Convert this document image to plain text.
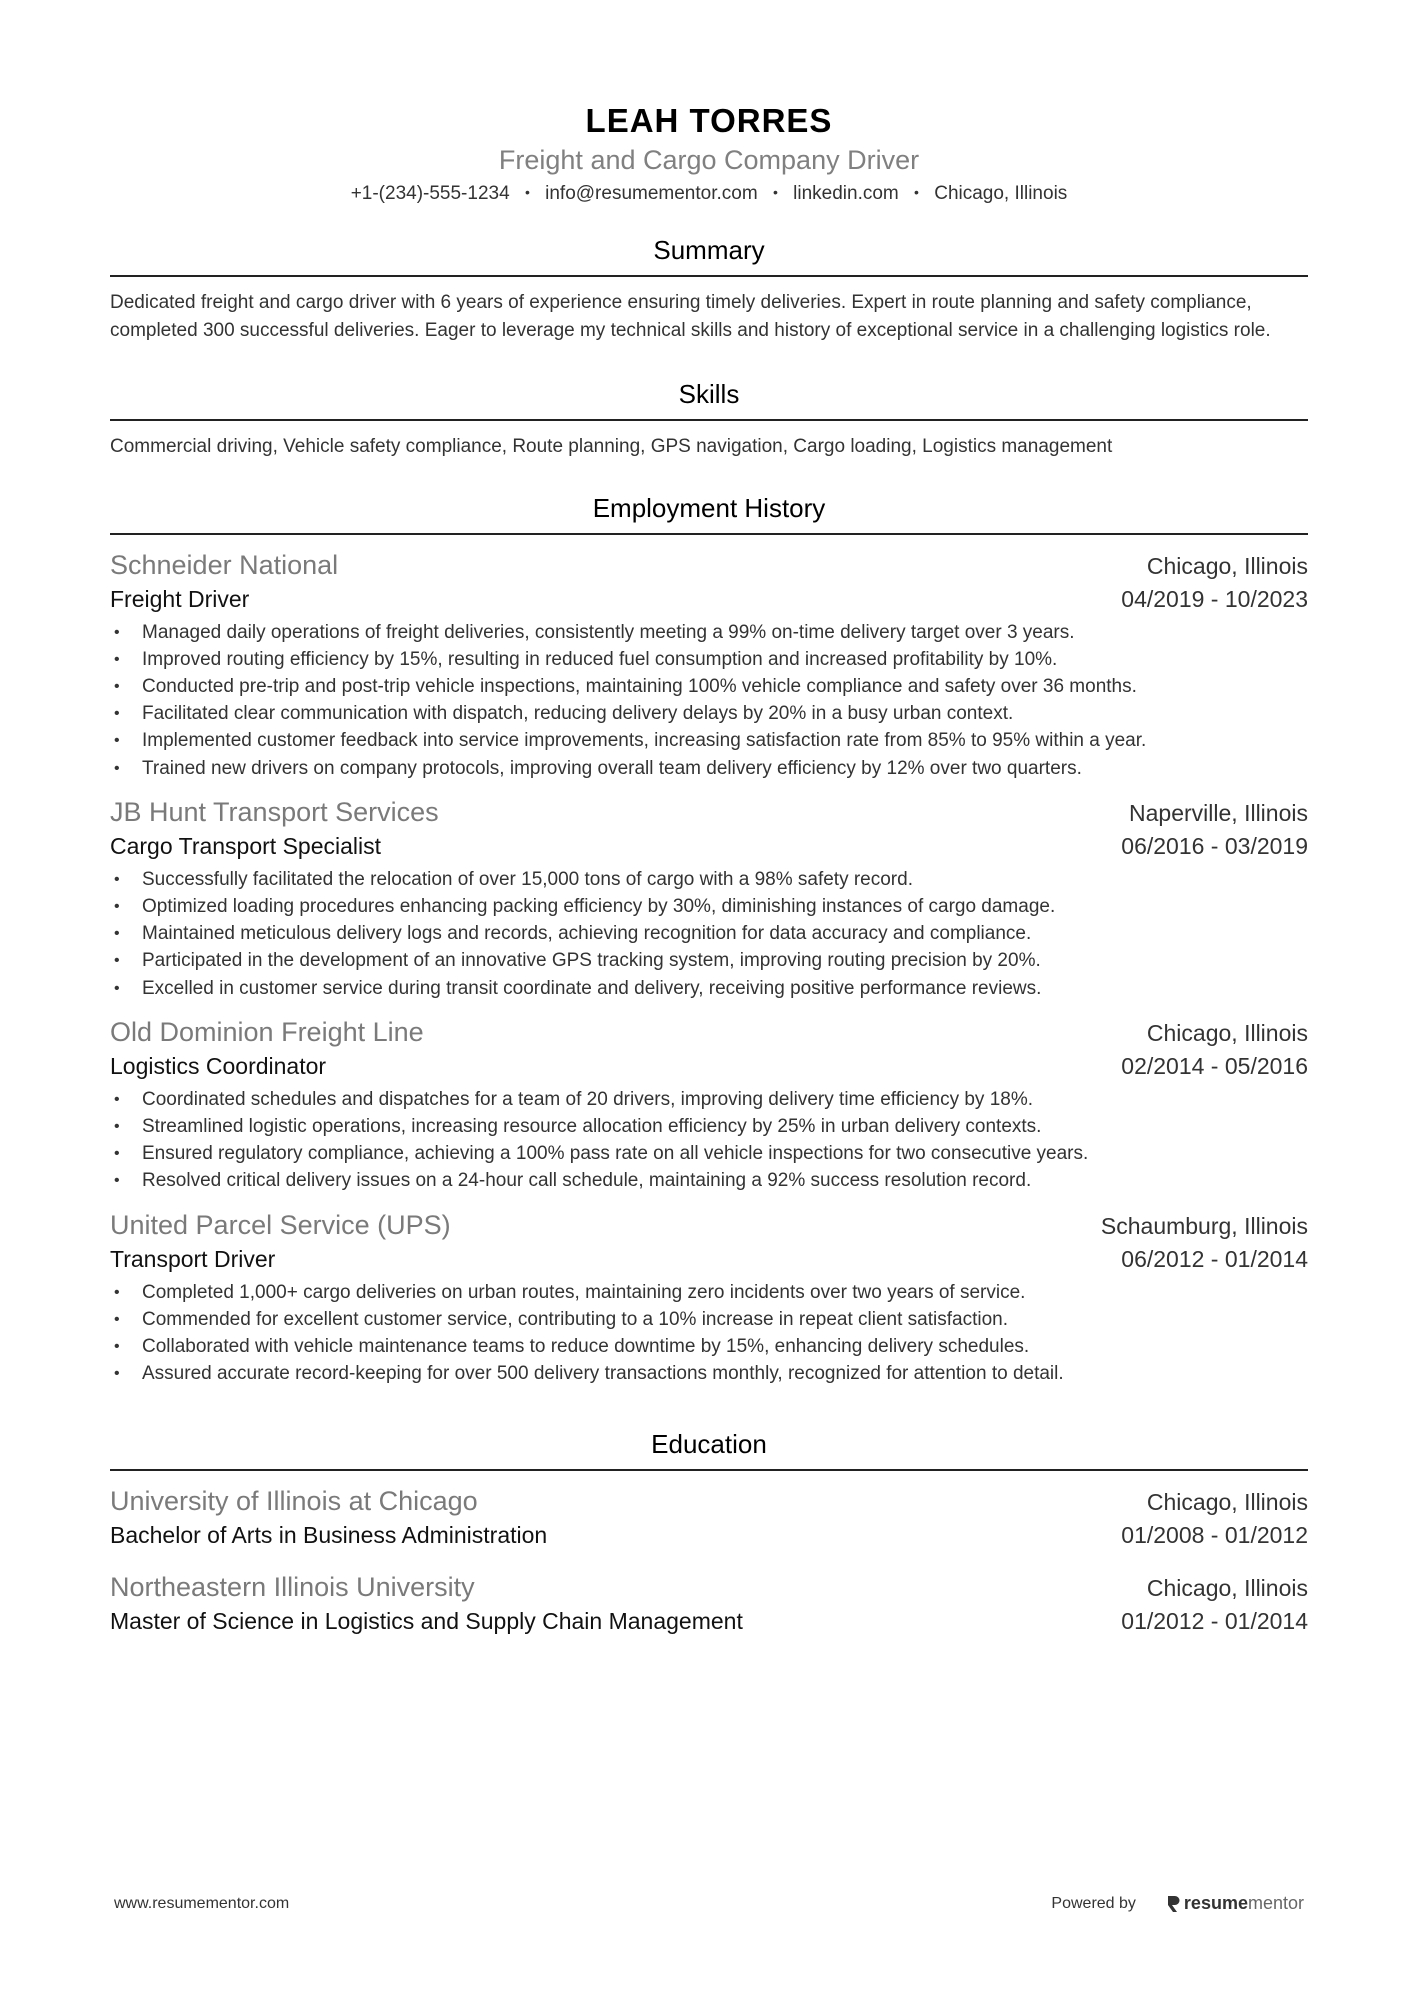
LEAH TORRES
Freight and Cargo Company Driver
+1-(234)-555-1234 • info@resumementor.com • linkedin.com • Chicago, Illinois
Summary
Dedicated freight and cargo driver with 6 years of experience ensuring timely deliveries. Expert in route planning and safety compliance, completed 300 successful deliveries. Eager to leverage my technical skills and history of exceptional service in a challenging logistics role.
Skills
Commercial driving, Vehicle safety compliance, Route planning, GPS navigation, Cargo loading, Logistics management
Employment History
Schneider National	Chicago, Illinois
Freight Driver	04/2019 - 10/2023
• Managed daily operations of freight deliveries, consistently meeting a 99% on-time delivery target over 3 years.
• Improved routing efficiency by 15%, resulting in reduced fuel consumption and increased profitability by 10%.
• Conducted pre-trip and post-trip vehicle inspections, maintaining 100% vehicle compliance and safety over 36 months.
• Facilitated clear communication with dispatch, reducing delivery delays by 20% in a busy urban context.
• Implemented customer feedback into service improvements, increasing satisfaction rate from 85% to 95% within a year.
• Trained new drivers on company protocols, improving overall team delivery efficiency by 12% over two quarters.
JB Hunt Transport Services	Naperville, Illinois
Cargo Transport Specialist	06/2016 - 03/2019
• Successfully facilitated the relocation of over 15,000 tons of cargo with a 98% safety record.
• Optimized loading procedures enhancing packing efficiency by 30%, diminishing instances of cargo damage.
• Maintained meticulous delivery logs and records, achieving recognition for data accuracy and compliance.
• Participated in the development of an innovative GPS tracking system, improving routing precision by 20%.
• Excelled in customer service during transit coordinate and delivery, receiving positive performance reviews.
Old Dominion Freight Line	Chicago, Illinois
Logistics Coordinator	02/2014 - 05/2016
• Coordinated schedules and dispatches for a team of 20 drivers, improving delivery time efficiency by 18%.
• Streamlined logistic operations, increasing resource allocation efficiency by 25% in urban delivery contexts.
• Ensured regulatory compliance, achieving a 100% pass rate on all vehicle inspections for two consecutive years.
• Resolved critical delivery issues on a 24-hour call schedule, maintaining a 92% success resolution record.
United Parcel Service (UPS)	Schaumburg, Illinois
Transport Driver	06/2012 - 01/2014
• Completed 1,000+ cargo deliveries on urban routes, maintaining zero incidents over two years of service.
• Commended for excellent customer service, contributing to a 10% increase in repeat client satisfaction.
• Collaborated with vehicle maintenance teams to reduce downtime by 15%, enhancing delivery schedules.
• Assured accurate record-keeping for over 500 delivery transactions monthly, recognized for attention to detail.
Education
University of Illinois at Chicago	Chicago, Illinois
Bachelor of Arts in Business Administration	01/2008 - 01/2012
Northeastern Illinois University	Chicago, Illinois
Master of Science in Logistics and Supply Chain Management	01/2012 - 01/2014
www.resumementor.com	Powered by	resumementor
